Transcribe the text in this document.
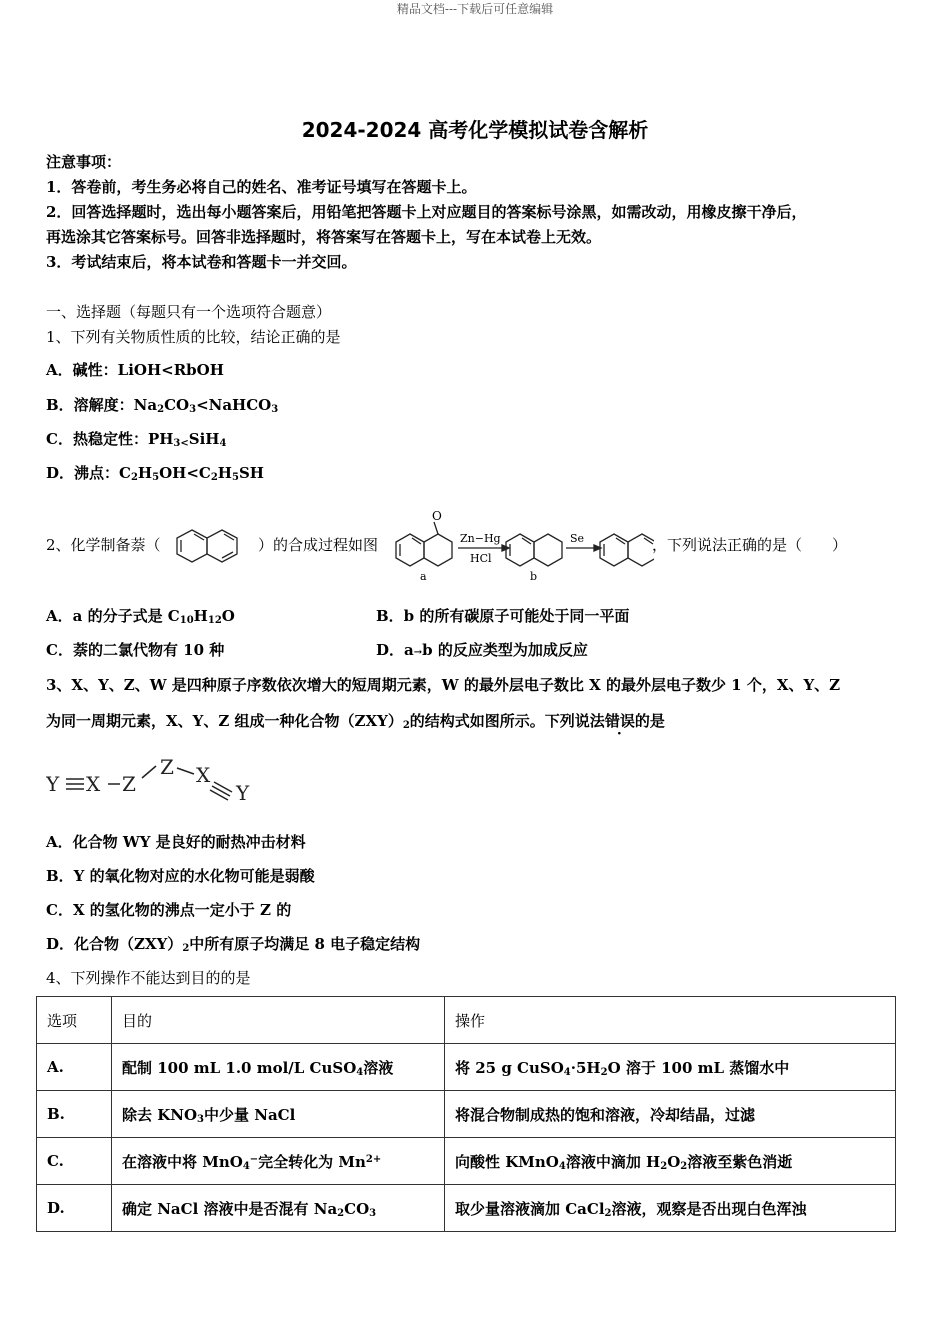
精品文档---下载后可任意编辑
2024-2024 高考化学模拟试卷含解析
注意事项：
1．答卷前，考生务必将自己的姓名、准考证号填写在答题卡上。
2．回答选择题时，选出每小题答案后，用铅笔把答题卡上对应题目的答案标号涂黑，如需改动，用橡皮擦干净后，
再选涂其它答案标号。回答非选择题时，将答案写在答题卡上，写在本试卷上无效。
3．考试结束后，将本试卷和答题卡一并交回。
一、选择题（每题只有一个选项符合题意）
1、下列有关物质性质的比较，结论正确的是
A．碱性：LiOH<RbOH
B．溶解度：$Na_2CO_3<NaHCO_3$
C．热稳定性：$PH_{3<}SiH_4$
D．沸点：$C_2H_5OH<C_2H_5SH$
2、化学制备萘（	）的合成过程如图
O
Zn−Hg
HCl
Se
a	b
，下列说法正确的是（　　）
A．a 的分子式是 $C_{10}H_{12}O$	B．b 的所有碳原子可能处于同一平面
C．萘的二氯代物有 10 种	D．a→b 的反应类型为加成反应
3、X、Y、Z、W 是四种原子序数依次增大的短周期元素，W 的最外层电子数比 X 的最外层电子数少 1 个，X、Y、Z
为同一周期元素，X、Y、Z 组成一种化合物$(ZXY)_2$的结构式如图所示。下列说法错误的是
Y X Z
Z X
Y
A．化合物 WY 是良好的耐热冲击材料
B．Y 的氧化物对应的水化物可能是弱酸
C．X 的氢化物的沸点一定小于 Z 的
D．化合物$(ZXY)_2$中所有原子均满足 8 电子稳定结构
4、下列操作不能达到目的的是
选项	目的	操作
A.	配制 100 mL 1.0 mol/L CuSO$_4$溶液	将 25 g $CuSO_4\cdot 5H_2O$ 溶于 100 mL 蒸馏水中
B.	除去 $KNO_3$中少量 NaCl	将混合物制成热的饱和溶液，冷却结晶，过滤
C.	在溶液中将 MnO$_4$−完全转化为 $Mn^{2+}$	向酸性 KMnO$_4$溶液中滴加 $H_2O_2$溶液至紫色消逝
D.	确定 NaCl 溶液中是否混有 $Na_2CO_3$	取少量溶液滴加 CaCl$_2$溶液，观察是否出现白色浑浊
